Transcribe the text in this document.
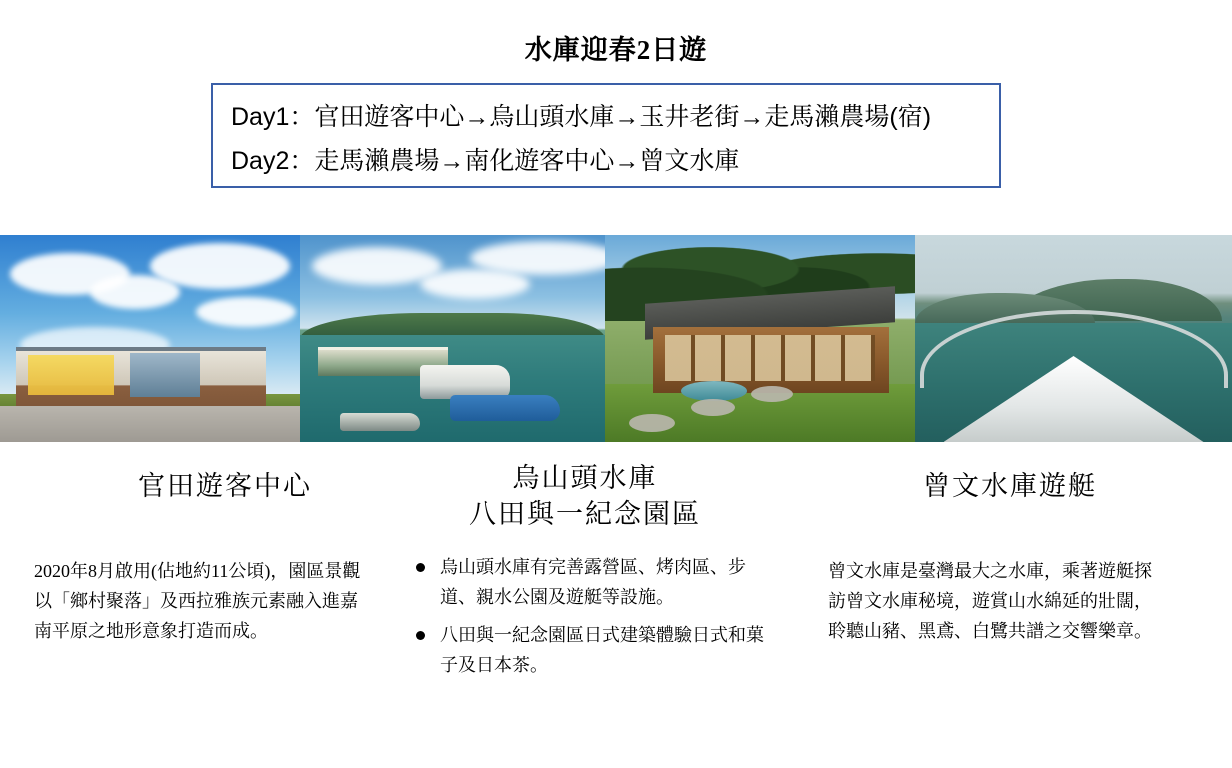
水庫迎春2日遊
Day1：官田遊客中心→烏山頭水庫→玉井老街→走馬瀨農場(宿)
Day2：走馬瀨農場→南化遊客中心→曾文水庫
官田遊客中心	烏山頭水庫
八田與一紀念園區
曾文水庫遊艇
2020年8月啟用(佔地約11公頃)，園區景觀以「鄉村聚落」及西拉雅族元素融入進嘉南平原之地形意象打造而成。
烏山頭水庫有完善露營區、烤肉區、步道、親水公園及遊艇等設施。
八田與一紀念園區日式建築體驗日式和菓子及日本茶。
曾文水庫是臺灣最大之水庫，乘著遊艇探訪曾文水庫秘境，遊賞山水綿延的壯闊，聆聽山豬、黑鳶、白鷺共譜之交響樂章。
